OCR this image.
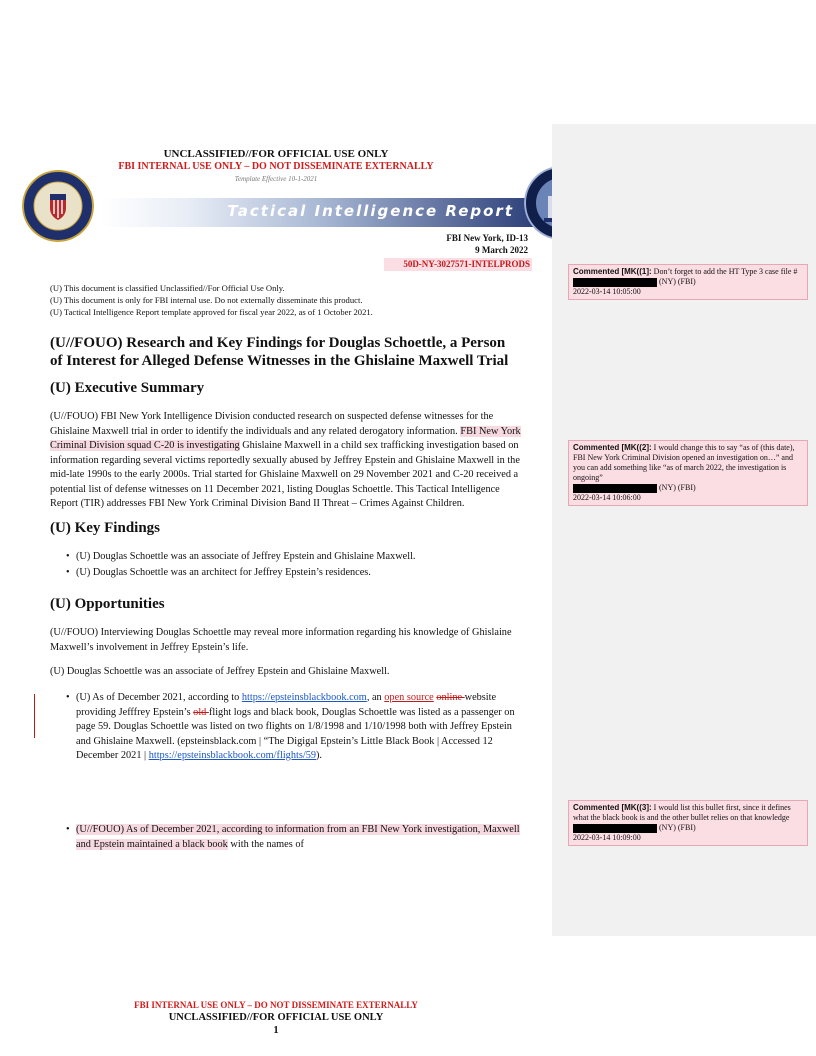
UNCLASSIFIED//FOR OFFICIAL USE ONLY
FBI INTERNAL USE ONLY – DO NOT DISSEMINATE EXTERNALLY
Template Effective 10-1-2021
Tactical Intelligence Report
FBI New York, ID-13
9 March 2022
50D-NY-3027571-INTELPRODS
(U) This document is classified Unclassified//For Official Use Only.
(U) This document is only for FBI internal use. Do not externally disseminate this product.
(U) Tactical Intelligence Report template approved for fiscal year 2022, as of 1 October 2021.
(U//FOUO) Research and Key Findings for Douglas Schoettle, a Person of Interest for Alleged Defense Witnesses in the Ghislaine Maxwell Trial
(U) Executive Summary
(U//FOUO) FBI New York Intelligence Division conducted research on suspected defense witnesses for the Ghislaine Maxwell trial in order to identify the individuals and any related derogatory information. FBI New York Criminal Division squad C-20 is investigating Ghislaine Maxwell in a child sex trafficking investigation based on information regarding several victims reportedly sexually abused by Jeffrey Epstein and Ghislaine Maxwell in the mid-late 1990s to the early 2000s. Trial started for Ghislaine Maxwell on 29 November 2021 and C-20 received a potential list of defense witnesses on 11 December 2021, listing Douglas Schoettle. This Tactical Intelligence Report (TIR) addresses FBI New York Criminal Division Band II Threat – Crimes Against Children.
(U) Key Findings
• (U) Douglas Schoettle was an associate of Jeffrey Epstein and Ghislaine Maxwell.
• (U) Douglas Schoettle was an architect for Jeffrey Epstein’s residences.
(U) Opportunities
(U//FOUO) Interviewing Douglas Schoettle may reveal more information regarding his knowledge of Ghislaine Maxwell’s involvement in Jeffrey Epstein’s life.
(U) Douglas Schoettle was an associate of Jeffrey Epstein and Ghislaine Maxwell.
• (U) As of December 2021, according to https://epsteinsblackbook.com, an open source online website providing Jefffrey Epstein’s old flight logs and black book, Douglas Schoettle was listed as a passenger on page 59. Douglas Schoettle was listed on two flights on 1/8/1998 and 1/10/1998 both with Jeffrey Epstein and Ghislaine Maxwell. (epsteinsblack.com | “The Digigal Epstein’s Little Black Book | Accessed 12 December 2021 | https://epsteinsblackbook.com/flights/59).
• (U//FOUO) As of December 2021, according to information from an FBI New York investigation, Maxwell and Epstein maintained a black book with the names of
FBI INTERNAL USE ONLY – DO NOT DISSEMINATE EXTERNALLY
UNCLASSIFIED//FOR OFFICIAL USE ONLY
1
Commented [MK((1]: Don’t forget to add the HT Type 3 case file #
(NY) (FBI)
2022-03-14 10:05:00
Commented [MK((2]: I would change this to say “as of (this date), FBI New York Criminal Division opened an investigation on…” and you can add something like “as of march 2022, the investigation is ongoing”
(NY) (FBI)
2022-03-14 10:06:00
Commented [MK((3]: I would list this bullet first, since it defines what the black book is and the other bullet relies on that knowledge
(NY) (FBI)
2022-03-14 10:09:00
